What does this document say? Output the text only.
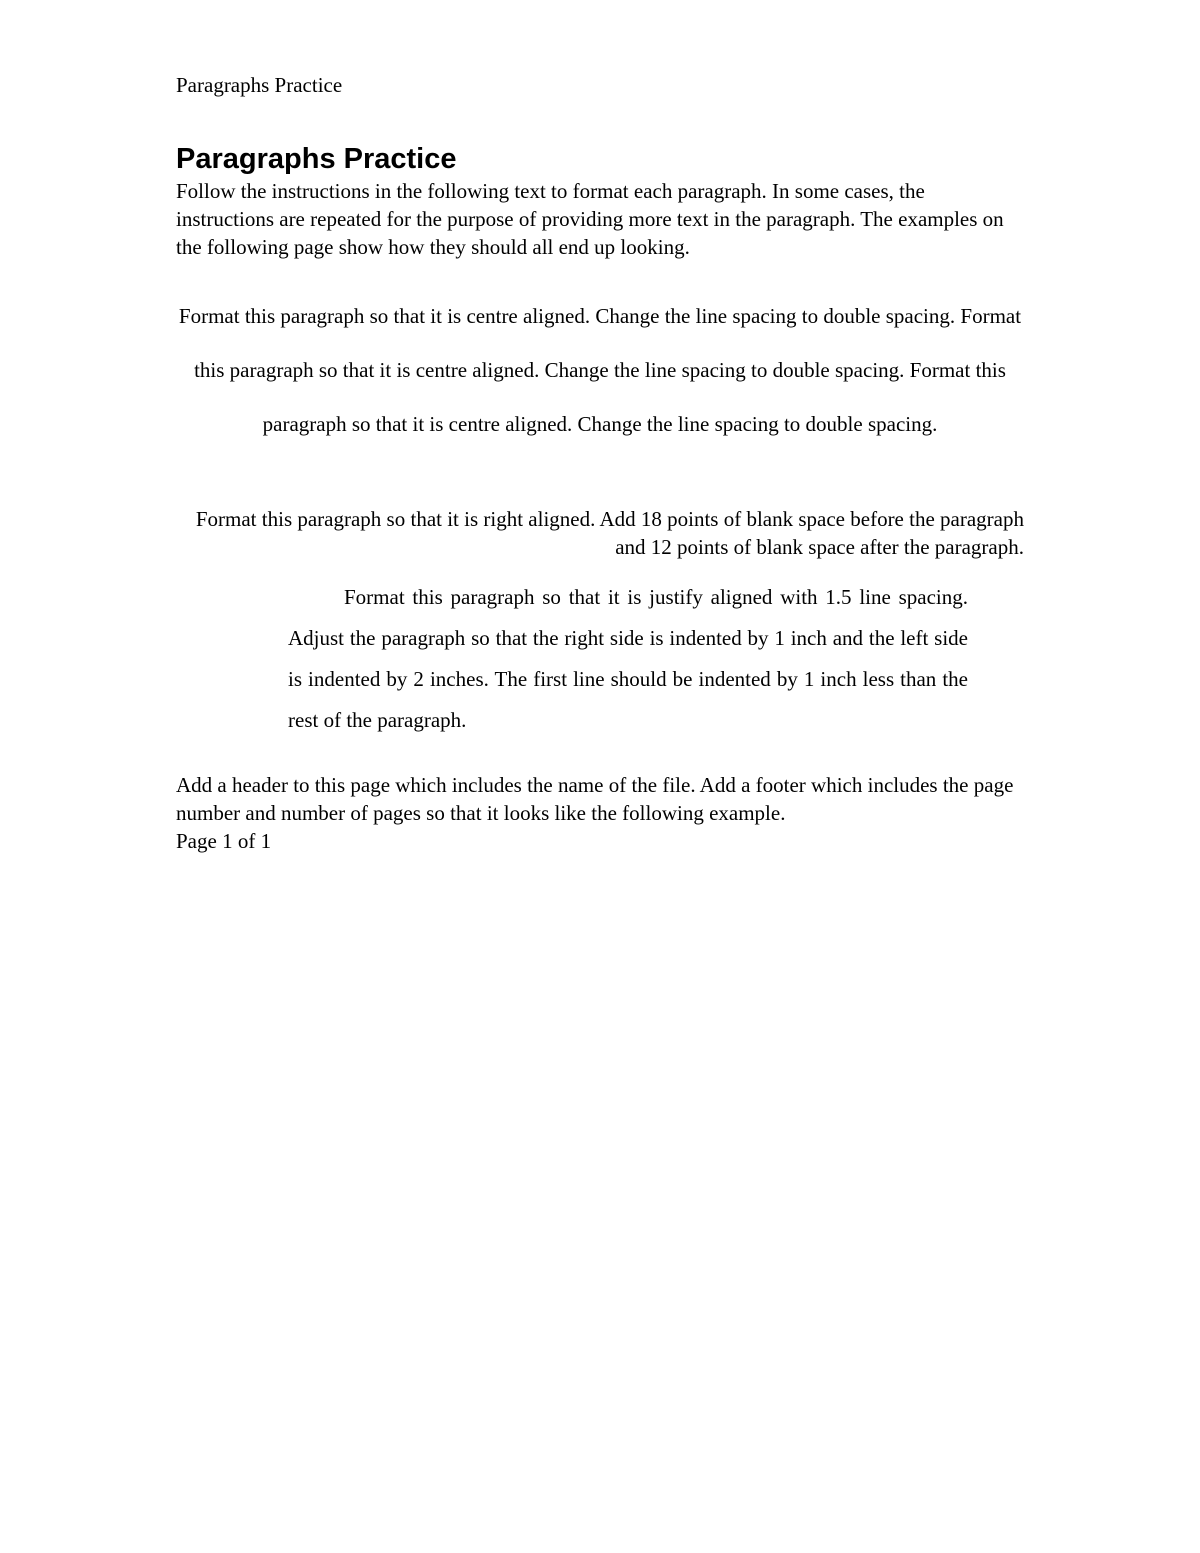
Paragraphs Practice
Paragraphs Practice

Follow the instructions in the following text to format each paragraph. In some cases, the instructions are repeated for the purpose of providing more text in the paragraph. The examples on the following page show how they should all end up looking.

Format this paragraph so that it is centre aligned. Change the line spacing to double spacing. Format this paragraph so that it is centre aligned. Change the line spacing to double spacing. Format this paragraph so that it is centre aligned. Change the line spacing to double spacing.

Format this paragraph so that it is right aligned. Add 18 points of blank space before the paragraph and 12 points of blank space after the paragraph.

Format this paragraph so that it is justify aligned with 1.5 line spacing. Adjust the paragraph so that the right side is indented by 1 inch and the left side is indented by 2 inches. The first line should be indented by 1 inch less than the rest of the paragraph.

Add a header to this page which includes the name of the file. Add a footer which includes the page number and number of pages so that it looks like the following example.

Page 1 of 1
